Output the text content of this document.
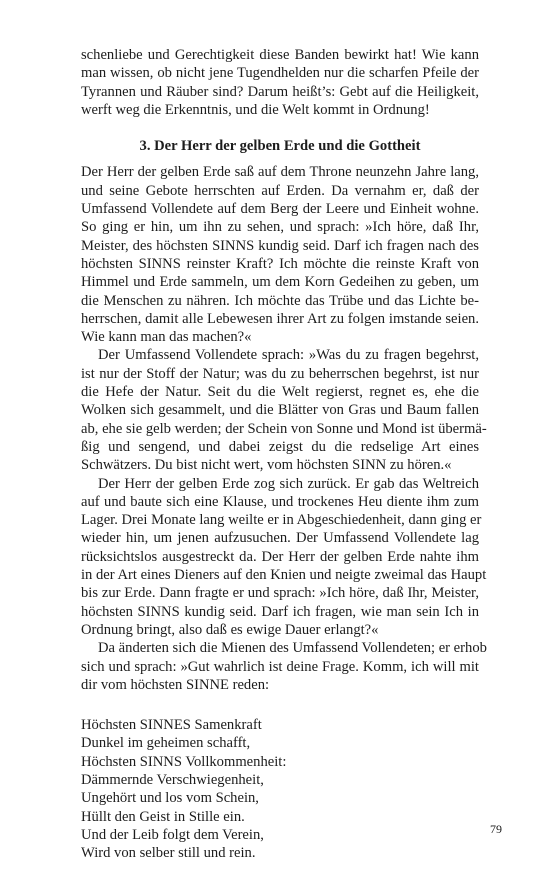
schenliebe und Gerechtigkeit diese Banden bewirkt hat! Wie kann
man wissen, ob nicht jene Tugendhelden nur die scharfen Pfeile der
Tyrannen und Räuber sind? Darum heißt’s: Gebt auf die Heiligkeit,
werft weg die Erkenntnis, und die Welt kommt in Ordnung!
3. Der Herr der gelben Erde und die Gottheit
Der Herr der gelben Erde saß auf dem Throne neunzehn Jahre lang,
und seine Gebote herrschten auf Erden. Da vernahm er, daß der
Umfassend Vollendete auf dem Berg der Leere und Einheit wohne.
So ging er hin, um ihn zu sehen, und sprach: »Ich höre, daß Ihr,
Meister, des höchsten SINNS kundig seid. Darf ich fragen nach des
höchsten SINNS reinster Kraft? Ich möchte die reinste Kraft von
Himmel und Erde sammeln, um dem Korn Gedeihen zu geben, um
die Menschen zu nähren. Ich möchte das Trübe und das Lichte be-
herrschen, damit alle Lebewesen ihrer Art zu folgen imstande seien.
Wie kann man das machen?«
Der Umfassend Vollendete sprach: »Was du zu fragen begehrst,
ist nur der Stoff der Natur; was du zu beherrschen begehrst, ist nur
die Hefe der Natur. Seit du die Welt regierst, regnet es, ehe die
Wolken sich gesammelt, und die Blätter von Gras und Baum fallen
ab, ehe sie gelb werden; der Schein von Sonne und Mond ist übermä-
ßig und sengend, und dabei zeigst du die redselige Art eines
Schwätzers. Du bist nicht wert, vom höchsten SINN zu hören.«
Der Herr der gelben Erde zog sich zurück. Er gab das Weltreich
auf und baute sich eine Klause, und trockenes Heu diente ihm zum
Lager. Drei Monate lang weilte er in Abgeschiedenheit, dann ging er
wieder hin, um jenen aufzusuchen. Der Umfassend Vollendete lag
rücksichtslos ausgestreckt da. Der Herr der gelben Erde nahte ihm
in der Art eines Dieners auf den Knien und neigte zweimal das Haupt
bis zur Erde. Dann fragte er und sprach: »Ich höre, daß Ihr, Meister,
höchsten SINNS kundig seid. Darf ich fragen, wie man sein Ich in
Ordnung bringt, also daß es ewige Dauer erlangt?«
Da änderten sich die Mienen des Umfassend Vollendeten; er erhob
sich und sprach: »Gut wahrlich ist deine Frage. Komm, ich will mit
dir vom höchsten SINNE reden:
Höchsten SINNES Samenkraft
Dunkel im geheimen schafft,
Höchsten SINNS Vollkommenheit:
Dämmernde Verschwiegenheit,
Ungehört und los vom Schein,
Hüllt den Geist in Stille ein.
Und der Leib folgt dem Verein,
Wird von selber still und rein.
79
